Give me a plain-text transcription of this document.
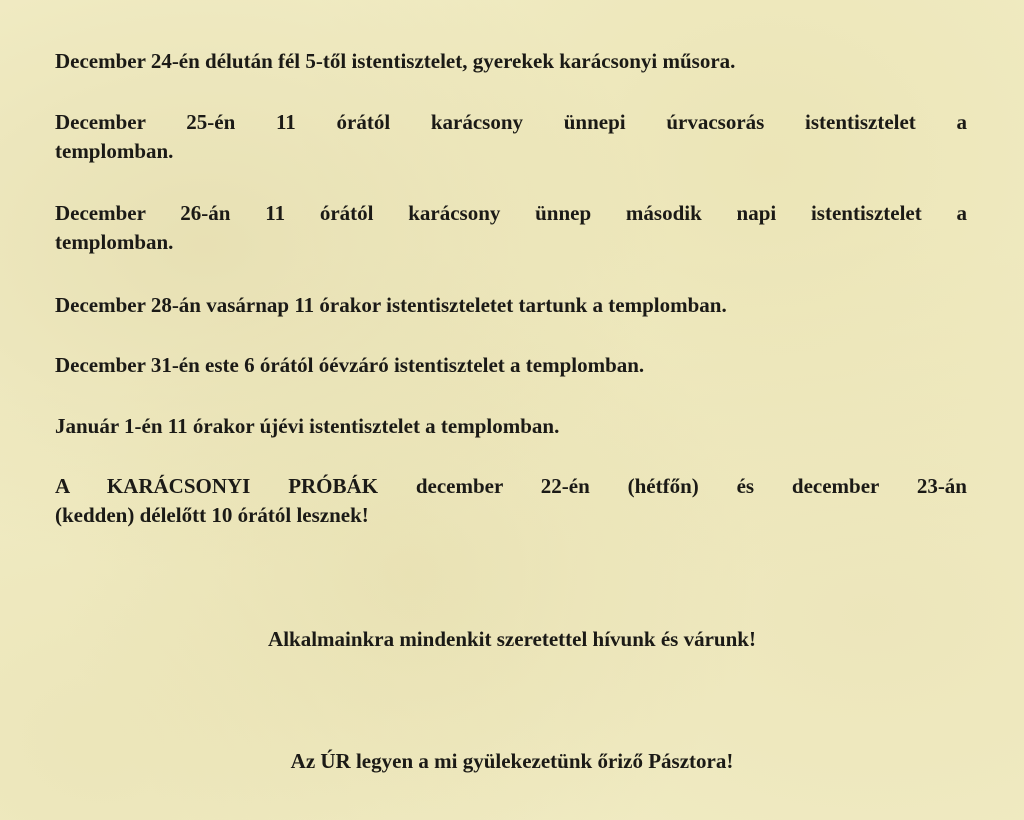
December 24-én délután fél 5-től istentisztelet, gyerekek karácsonyi műsora.

December 25-én 11 órától karácsony ünnepi úrvacsorás istentisztelet a
templomban.
December 26-án 11 órától karácsony ünnep második napi istentisztelet a
templomban.

December 28-án vasárnap 11 órakor istentiszteletet tartunk a templomban.

December 31-én este 6 órától óévzáró istentisztelet a templomban.

Január 1-én 11 órakor újévi istentisztelet a templomban.

A KARÁCSONYI PRÓBÁK december 22-én (hétfőn) és december 23-án
(kedden) délelőtt 10 órától lesznek!

Alkalmainkra mindenkit szeretettel hívunk és várunk!

Az ÚR legyen a mi gyülekezetünk őriző Pásztora!
